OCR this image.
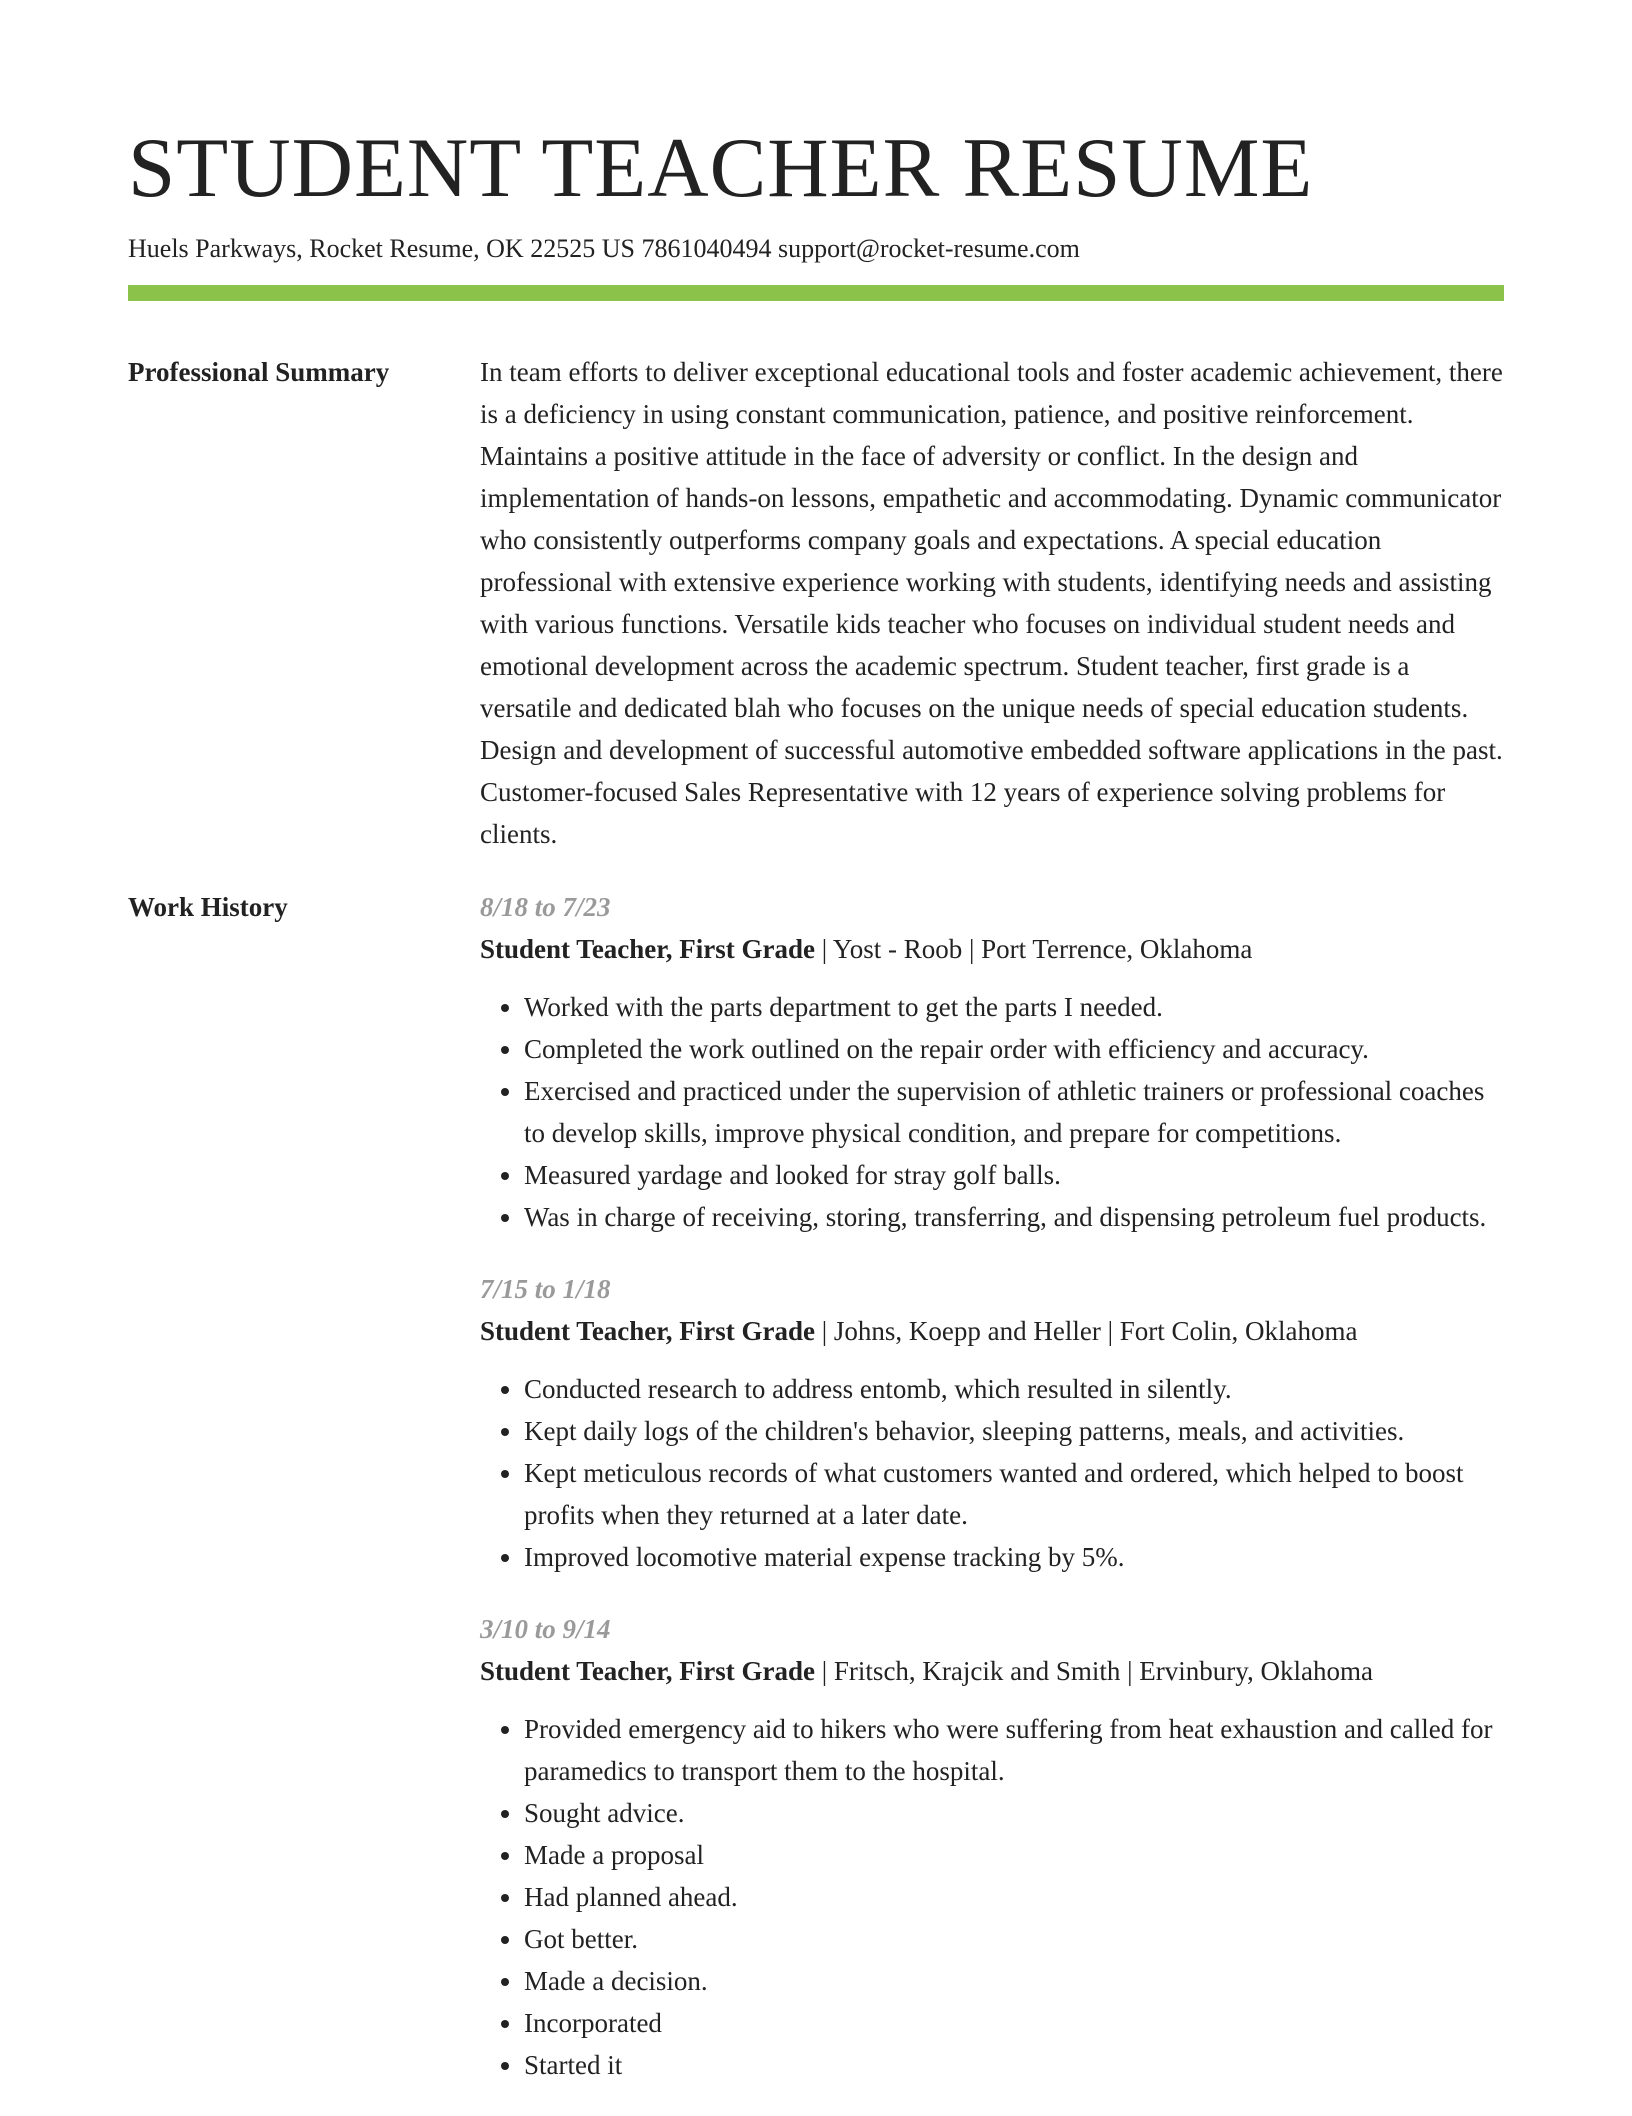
STUDENT TEACHER RESUME
Huels Parkways, Rocket Resume, OK 22525 US 7861040494 support@rocket-resume.com
Professional Summary	In team efforts to deliver exceptional educational tools and foster academic achievement, there is a deficiency in using constant communication, patience, and positive reinforcement. Maintains a positive attitude in the face of adversity or conflict. In the design and implementation of hands-on lessons, empathetic and accommodating. Dynamic communicator who consistently outperforms company goals and expectations. A special education professional with extensive experience working with students, identifying needs and assisting with various functions. Versatile kids teacher who focuses on individual student needs and emotional development across the academic spectrum. Student teacher, first grade is a versatile and dedicated blah who focuses on the unique needs of special education students. Design and development of successful automotive embedded software applications in the past. Customer-focused Sales Representative with 12 years of experience solving problems for clients.

Work History	8/18 to 7/23
Student Teacher, First Grade | Yost - Roob | Port Terrence, Oklahoma
• Worked with the parts department to get the parts I needed.
• Completed the work outlined on the repair order with efficiency and accuracy.
• Exercised and practiced under the supervision of athletic trainers or professional coaches to develop skills, improve physical condition, and prepare for competitions.
• Measured yardage and looked for stray golf balls.
• Was in charge of receiving, storing, transferring, and dispensing petroleum fuel products.
7/15 to 1/18
Student Teacher, First Grade | Johns, Koepp and Heller | Fort Colin, Oklahoma
• Conducted research to address entomb, which resulted in silently.
• Kept daily logs of the children's behavior, sleeping patterns, meals, and activities.
• Kept meticulous records of what customers wanted and ordered, which helped to boost profits when they returned at a later date.
• Improved locomotive material expense tracking by 5%.
3/10 to 9/14
Student Teacher, First Grade | Fritsch, Krajcik and Smith | Ervinbury, Oklahoma
• Provided emergency aid to hikers who were suffering from heat exhaustion and called for paramedics to transport them to the hospital.
• Sought advice.
• Made a proposal
• Had planned ahead.
• Got better.
• Made a decision.
• Incorporated
• Started it
